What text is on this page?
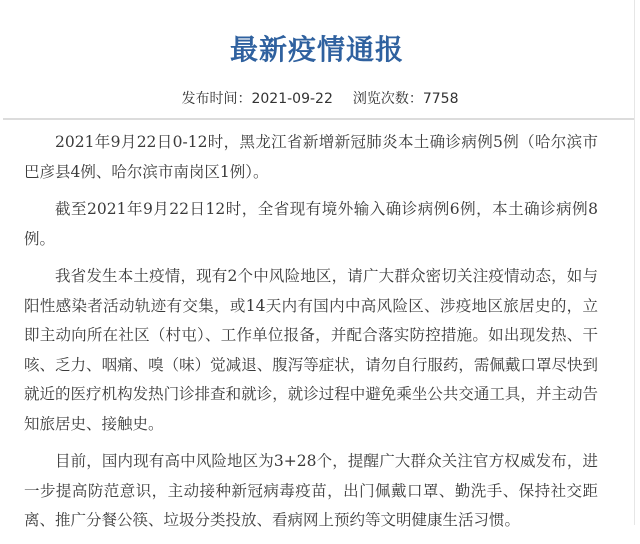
最新疫情通报
发布时间：2021-09-22 浏览次数：7758

2021年9月22日0-12时，黑龙江省新增新冠肺炎本土确诊病例5例（哈尔滨市巴彦县4例、哈尔滨市南岗区1例）。

截至2021年9月22日12时，全省现有境外输入确诊病例6例，本土确诊病例8例。

我省发生本土疫情，现有2个中风险地区，请广大群众密切关注疫情动态，如与阳性感染者活动轨迹有交集，或14天内有国内中高风险区、涉疫地区旅居史的，立即主动向所在社区（村屯）、工作单位报备，并配合落实防控措施。如出现发热、干咳、乏力、咽痛、嗅（味）觉减退、腹泻等症状，请勿自行服药，需佩戴口罩尽快到就近的医疗机构发热门诊排查和就诊，就诊过程中避免乘坐公共交通工具，并主动告知旅居史、接触史。

目前，国内现有高中风险地区为3+28个，提醒广大群众关注官方权威发布，进一步提高防范意识，主动接种新冠病毒疫苗，出门佩戴口罩、勤洗手、保持社交距离、推广分餐公筷、垃圾分类投放、看病网上预约等文明健康生活习惯。
